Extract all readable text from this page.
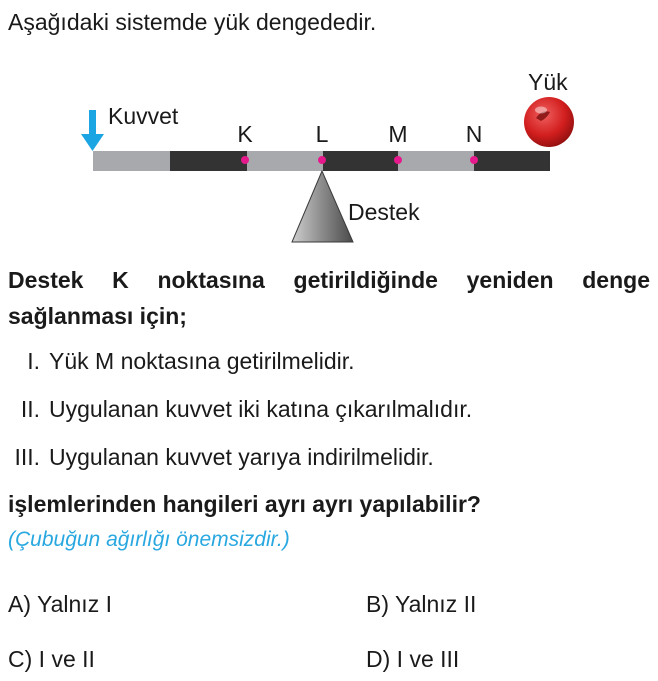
Aşağıdaki sistemde yük dengededir.
Kuvvet
Yük
Destek
K	L	M	N
Destek K noktasına getirildiğinde yeniden denge sağlanması için;
I. Yük M noktasına getirilmelidir.
II. Uygulanan kuvvet iki katına çıkarılmalıdır.
III. Uygulanan kuvvet yarıya indirilmelidir.
işlemlerinden hangileri ayrı ayrı yapılabilir?
(Çubuğun ağırlığı önemsizdir.)
A) Yalnız I	B) Yalnız II
C) I ve II	D) I ve III
